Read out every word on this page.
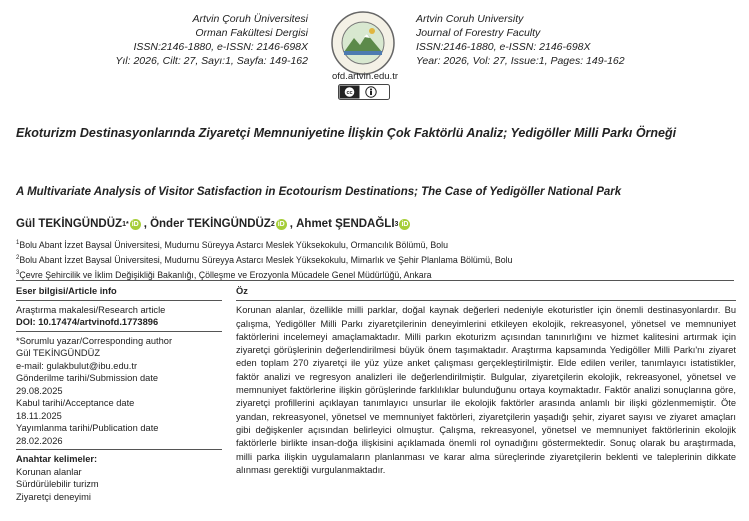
Artvin Çoruh Üniversitesi
Orman Fakültesi Dergisi
ISSN:2146-1880, e-ISSN: 2146-698X
Yıl: 2026, Cilt: 27, Sayı:1, Sayfa: 149-162
ofd.artvin.edu.tr
cc
Artvin Coruh University
Journal of Forestry Faculty
ISSN:2146-1880, e-ISSN: 2146-698X
Year: 2026, Vol: 27, Issue:1, Pages: 149-162
Ekoturizm Destinasyonlarında Ziyaretçi Memnuniyetine İlişkin Çok Faktörlü Analiz; Yedigöller Milli Parkı Örneği
A Multivariate Analysis of Visitor Satisfaction in Ecotourism Destinations; The Case of Yedigöller National Park
Gül TEKİNGÜNDÜZ 1* iD , Önder TEKİNGÜNDÜZ 2 iD , Ahmet ŞENDAĞLI 3 iD
$^1$Bolu Abant İzzet Baysal Üniversitesi, Mudurnu Süreyya Astarcı Meslek Yüksekokulu, Ormancılık Bölümü, Bolu
$^2$Bolu Abant İzzet Baysal Üniversitesi, Mudurnu Süreyya Astarcı Meslek Yüksekokulu, Mimarlık ve Şehir Planlama Bölümü, Bolu
$^3$Çevre Şehircilik ve İklim Değişikliği Bakanlığı, Çölleşme ve Erozyonla Mücadele Genel Müdürlüğü, Ankara
Eser bilgisi/Article info
Araştırma makalesi/Research article
DOI: 10.17474/artvinofd.1773896
*Sorumlu yazar/Corresponding author
Gül TEKİNGÜNDÜZ
e-mail: gulakbulut@ibu.edu.tr
Gönderilme tarihi/Submission date
29.08.2025
Kabul tarihi/Acceptance date
18.11.2025
Yayımlanma tarihi/Publication date
28.02.2026
Anahtar kelimeler:
Korunan alanlar
Sürdürülebilir turizm
Ziyaretçi deneyimi
Öz
Korunan alanlar, özellikle milli parklar, doğal kaynak değerleri nedeniyle ekoturistler için önemli destinasyonlardır. Bu çalışma, Yedigöller Milli Parkı ziyaretçilerinin deneyimlerini etkileyen ekolojik, rekreasyonel, yönetsel ve memnuniyet faktörlerini incelemeyi amaçlamaktadır. Milli parkın ekoturizm açısından tanınırlığını ve hizmet kalitesini artırmak için ziyaretçi görüşlerinin değerlendirilmesi büyük önem taşımaktadır. Araştırma kapsamında Yedigöller Milli Parkı'nı ziyaret eden toplam 270 ziyaretçi ile yüz yüze anket çalışması gerçekleştirilmiştir. Elde edilen veriler, tanımlayıcı istatistikler, faktör analizi ve regresyon analizleri ile değerlendirilmiştir. Bulgular, ziyaretçilerin ekolojik, rekreasyonel, yönetsel ve memnuniyet faktörlerine ilişkin görüşlerinde farklılıklar bulunduğunu ortaya koymaktadır. Faktör analizi sonuçlarına göre, ziyaretçi profillerini açıklayan tanımlayıcı unsurlar ile ekolojik faktörler arasında anlamlı bir ilişki gözlenmemiştir. Öte yandan, rekreasyonel, yönetsel ve memnuniyet faktörleri, ziyaretçilerin yaşadığı şehir, ziyaret sayısı ve ziyaret amaçları gibi değişkenler açısından belirleyici olmuştur. Çalışma, rekreasyonel, yönetsel ve memnuniyet faktörlerinin ekolojik faktörlerle birlikte insan-doğa ilişkisini açıklamada önemli rol oynadığını göstermektedir. Sonuç olarak bu araştırmada, milli parka ilişkin uygulamaların planlanması ve karar alma süreçlerinde ziyaretçilerin beklenti ve taleplerinin dikkate alınması gerektiği vurgulanmaktadır.
